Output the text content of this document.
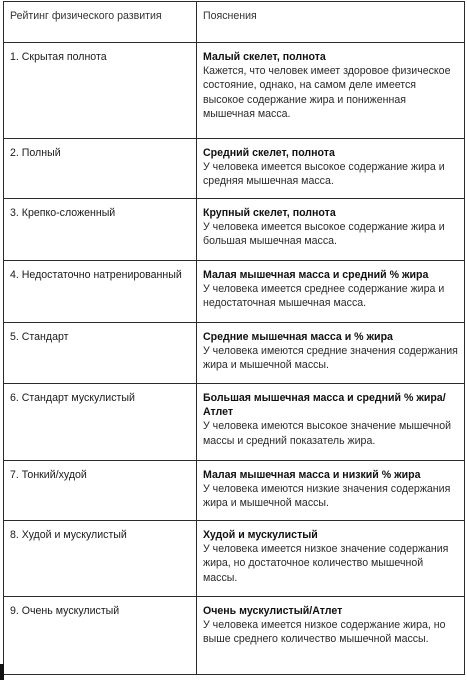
Рейтинг физического развития	Пояснения
1. Скрытая полнота	Малый скелет, полнота
Кажется, что человек имеет здоровое физическое состояние, однако, на самом деле имеется высокое содержание жира и пониженная мышечная масса.

2. Полный	Средний скелет, полнота
У человека имеется высокое содержание жира и средняя мышечная масса.

3. Крепко-сложенный	Крупный скелет, полнота
У человека имеется высокое содержание жира и большая мышечная масса.

4. Недостаточно натренированный	Малая мышечная масса и средний % жира
У человека имеется среднее содержание жира и недостаточная мышечная масса.

5. Стандарт	Средние мышечная масса и % жира
У человека имеются средние значения содержания жира и мышечной массы.

6. Стандарт мускулистый	Большая мышечная масса и средний % жира/ Атлет
У человека имеются высокое значение мышечной массы и средний показатель жира.

7. Тонкий/худой	Малая мышечная масса и низкий % жира
У человека имеются низкие значения содержания жира и мышечной массы.

8. Худой и мускулистый	Худой и мускулистый
У человека имеется низкое значение содержания жира, но достаточное количество мышечной массы.

9. Очень мускулистый	Очень мускулистый/Атлет
У человека имеется низкое содержание жира, но выше среднего количество мышечной массы.
